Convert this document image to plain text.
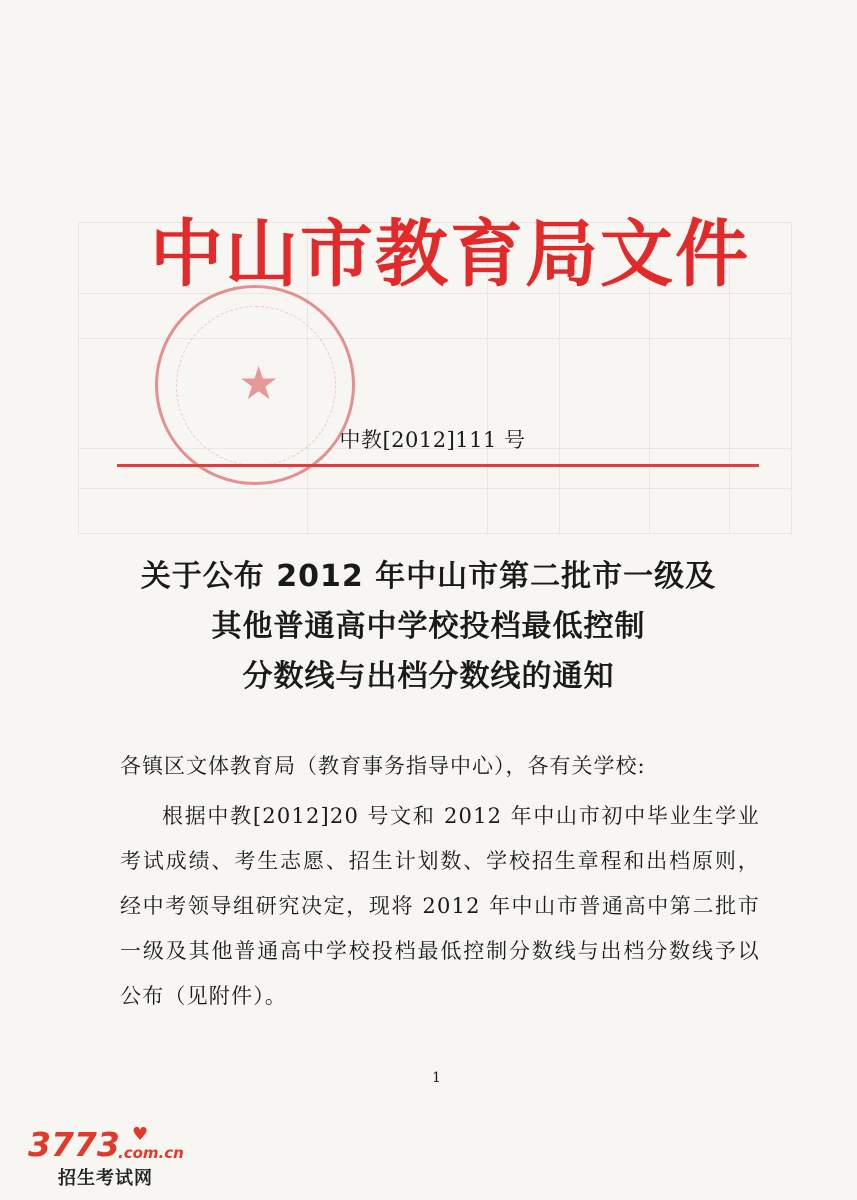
中山市教育局文件
★
中教[2012]111 号
关于公布 2012 年中山市第二批市一级及
其他普通高中学校投档最低控制
分数线与出档分数线的通知
各镇区文体教育局（教育事务指导中心），各有关学校:
根据中教[2012]20 号文和 2012 年中山市初中毕业生学业考试成绩、考生志愿、招生计划数、学校招生章程和出档原则，经中考领导组研究决定，现将 2012 年中山市普通高中第二批市一级及其他普通高中学校投档最低控制分数线与出档分数线予以公布（见附件）。
1
3773 ♥
.com.cn
招生考试网
